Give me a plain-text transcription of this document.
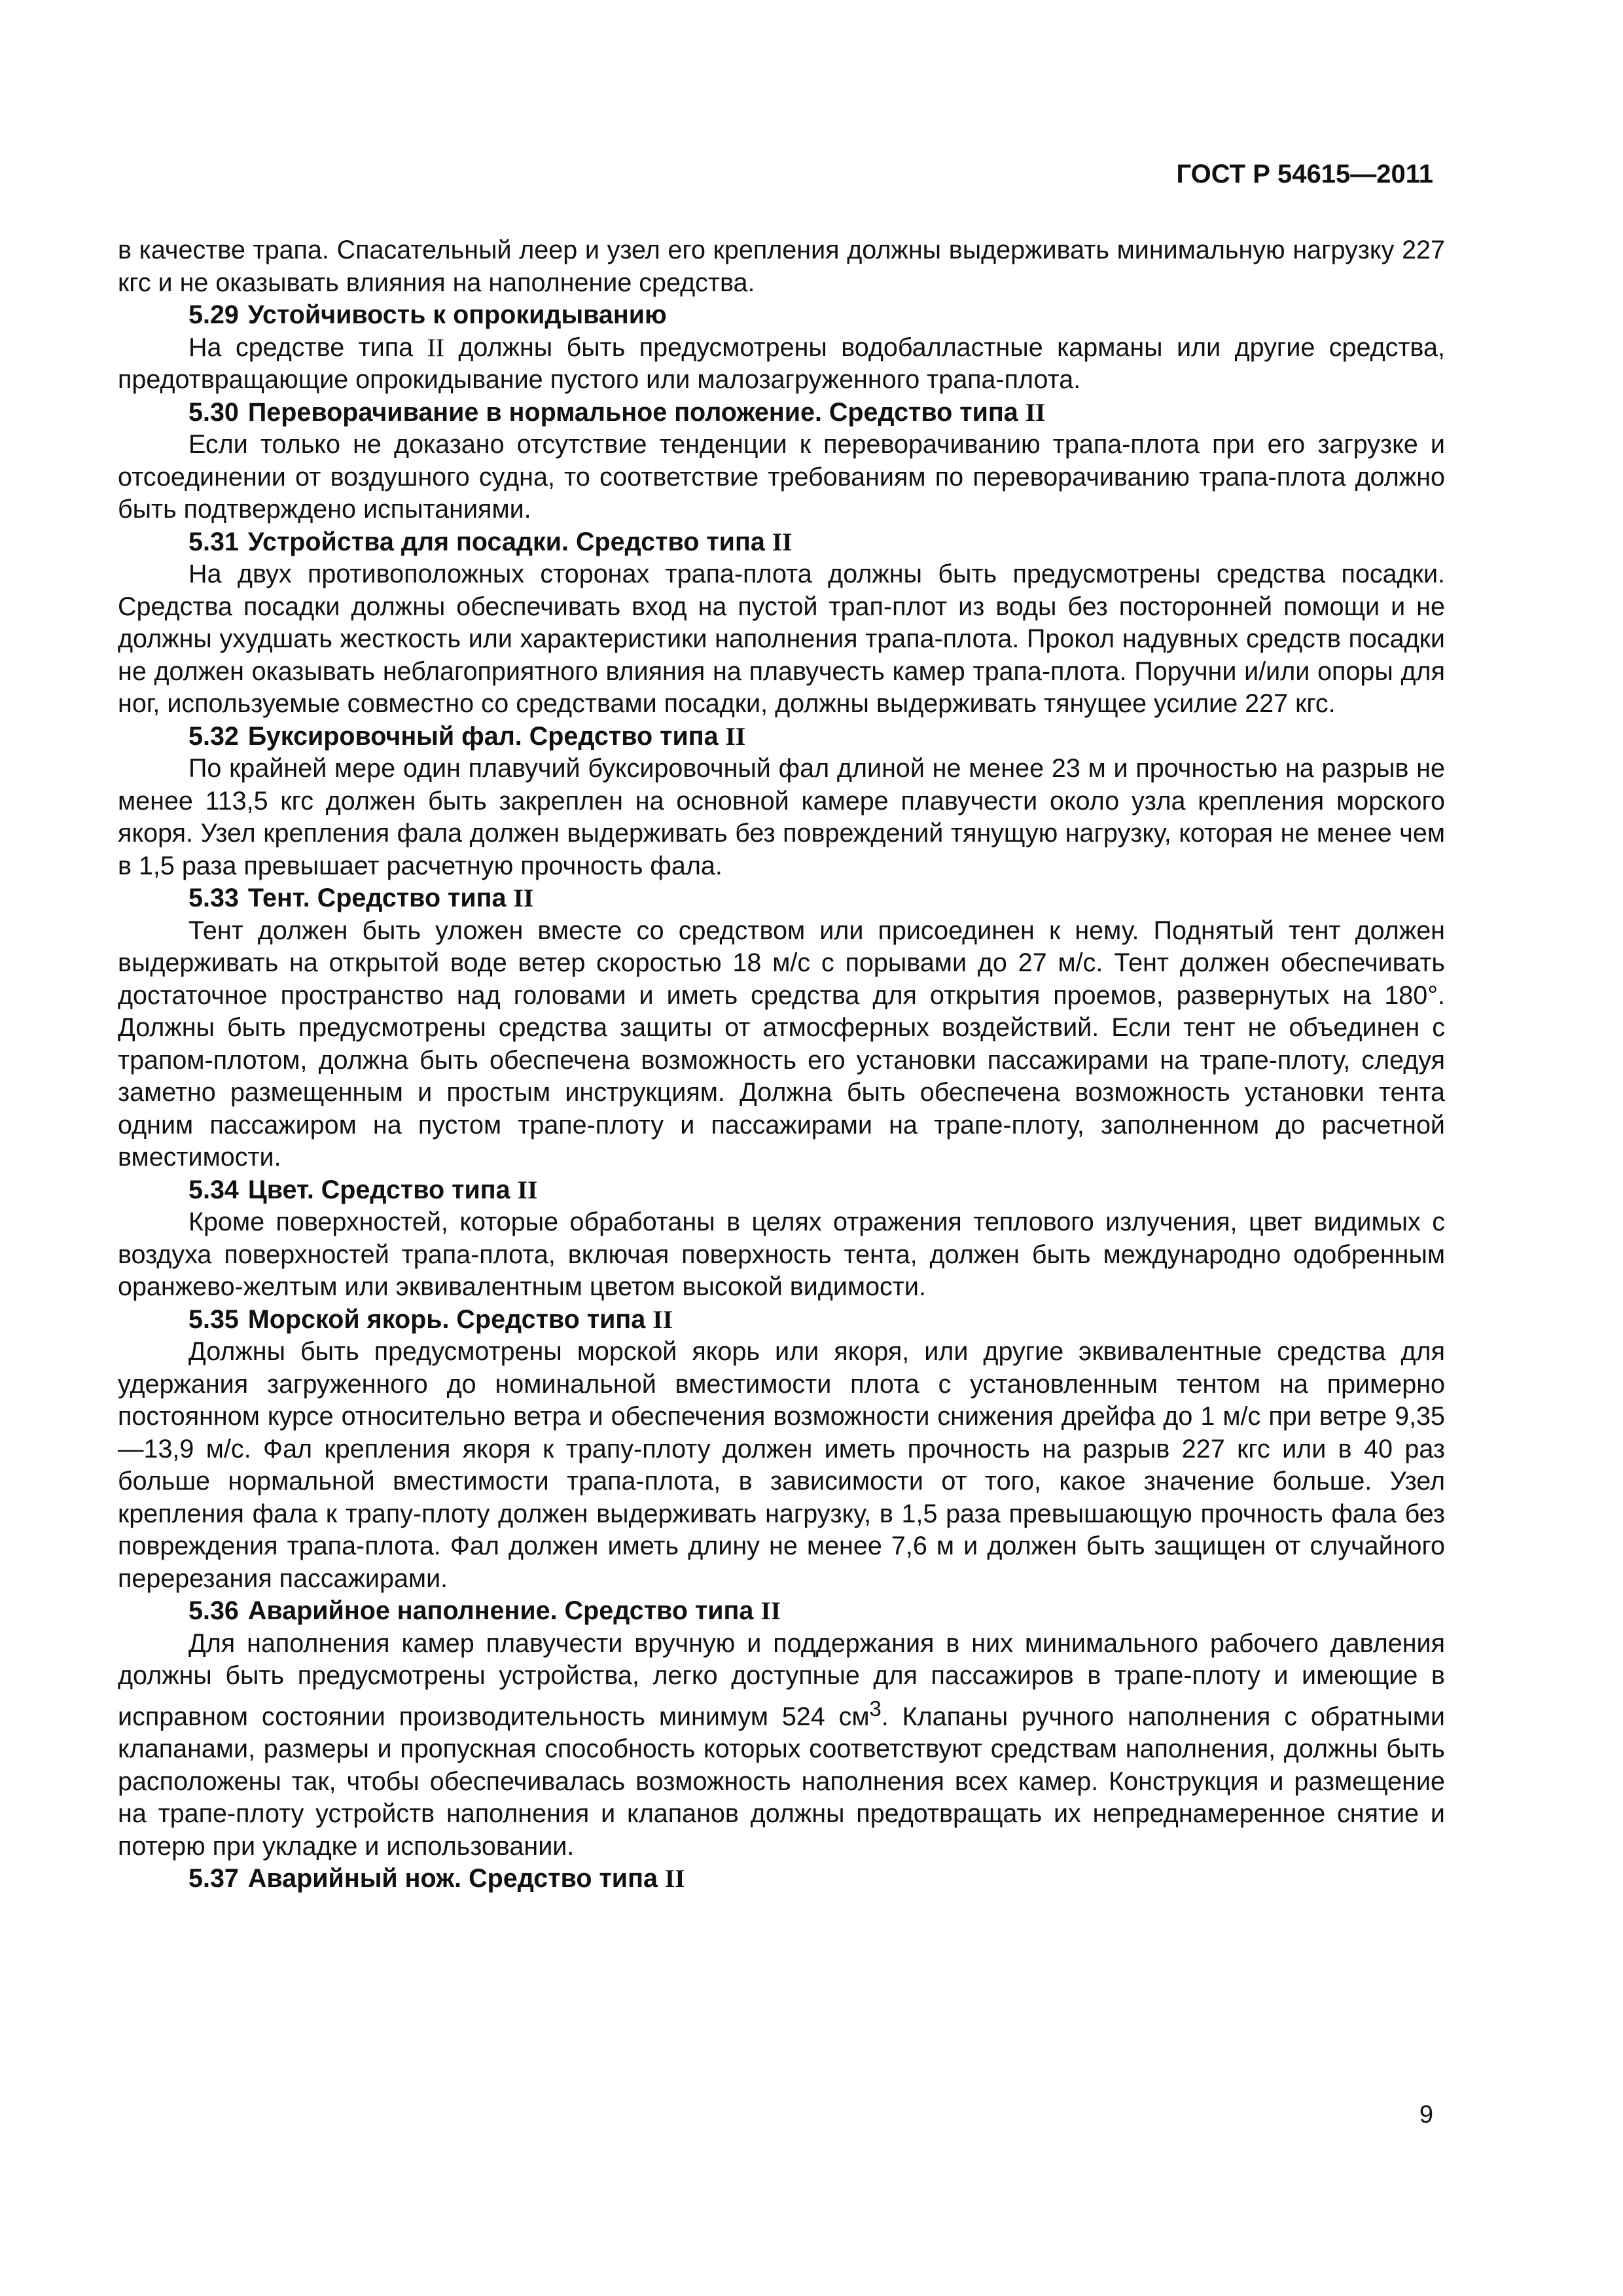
ГОСТ Р 54615—2011

в качестве трапа. Спасательный леер и узел его крепления должны выдерживать минимальную нагрузку 227 кгс и не оказывать влияния на наполнение средства.

5.29 Устойчивость к опрокидыванию

На средстве типа II должны быть предусмотрены водобалластные карманы или другие средства, предотвращающие опрокидывание пустого или малозагруженного трапа-плота.

5.30 Переворачивание в нормальное положение. Средство типа II

Если только не доказано отсутствие тенденции к переворачиванию трапа-плота при его загрузке и отсоединении от воздушного судна, то соответствие требованиям по переворачиванию трапа-плота должно быть подтверждено испытаниями.

5.31 Устройства для посадки. Средство типа II

На двух противоположных сторонах трапа-плота должны быть предусмотрены средства посадки. Средства посадки должны обеспечивать вход на пустой трап-плот из воды без посторонней помощи и не должны ухудшать жесткость или характеристики наполнения трапа-плота. Прокол надувных средств посадки не должен оказывать неблагоприятного влияния на плавучесть камер трапа-плота. Поручни и/или опоры для ног, используемые совместно со средствами посадки, должны выдерживать тянущее усилие 227 кгс.

5.32 Буксировочный фал. Средство типа II

По крайней мере один плавучий буксировочный фал длиной не менее 23 м и прочностью на разрыв не менее 113,5 кгс должен быть закреплен на основной камере плавучести около узла крепления морского якоря. Узел крепления фала должен выдерживать без повреждений тянущую нагрузку, которая не менее чем в 1,5 раза превышает расчетную прочность фала.

5.33 Тент. Средство типа II

Тент должен быть уложен вместе со средством или присоединен к нему. Поднятый тент должен выдерживать на открытой воде ветер скоростью 18 м/с с порывами до 27 м/с. Тент должен обеспечивать достаточное пространство над головами и иметь средства для открытия проемов, развернутых на 180°. Должны быть предусмотрены средства защиты от атмосферных воздействий. Если тент не объединен с трапом-плотом, должна быть обеспечена возможность его установки пассажирами на трапе-плоту, следуя заметно размещенным и простым инструкциям. Должна быть обеспечена возможность установки тента одним пассажиром на пустом трапе-плоту и пассажирами на трапе-плоту, заполненном до расчетной вместимости.

5.34 Цвет. Средство типа II

Кроме поверхностей, которые обработаны в целях отражения теплового излучения, цвет видимых с воздуха поверхностей трапа-плота, включая поверхность тента, должен быть международно одобренным оранжево-желтым или эквивалентным цветом высокой видимости.

5.35 Морской якорь. Средство типа II

Должны быть предусмотрены морской якорь или якоря, или другие эквивалентные средства для удержания загруженного до номинальной вместимости плота с установленным тентом на примерно постоянном курсе относительно ветра и обеспечения возможности снижения дрейфа до 1 м/с при ветре 9,35—13,9 м/с. Фал крепления якоря к трапу-плоту должен иметь прочность на разрыв 227 кгс или в 40 раз больше нормальной вместимости трапа-плота, в зависимости от того, какое значение больше. Узел крепления фала к трапу-плоту должен выдерживать нагрузку, в 1,5 раза превышающую прочность фала без повреждения трапа-плота. Фал должен иметь длину не менее 7,6 м и должен быть защищен от случайного перерезания пассажирами.

5.36 Аварийное наполнение. Средство типа II

Для наполнения камер плавучести вручную и поддержания в них минимального рабочего давления должны быть предусмотрены устройства, легко доступные для пассажиров в трапе-плоту и имеющие в исправном состоянии производительность минимум 524 $см^3$. Клапаны ручного наполнения с обратными клапанами, размеры и пропускная способность которых соответствуют средствам наполнения, должны быть расположены так, чтобы обеспечивалась возможность наполнения всех камер. Конструкция и размещение на трапе-плоту устройств наполнения и клапанов должны предотвращать их непреднамеренное снятие и потерю при укладке и использовании.

5.37 Аварийный нож. Средство типа II
9
